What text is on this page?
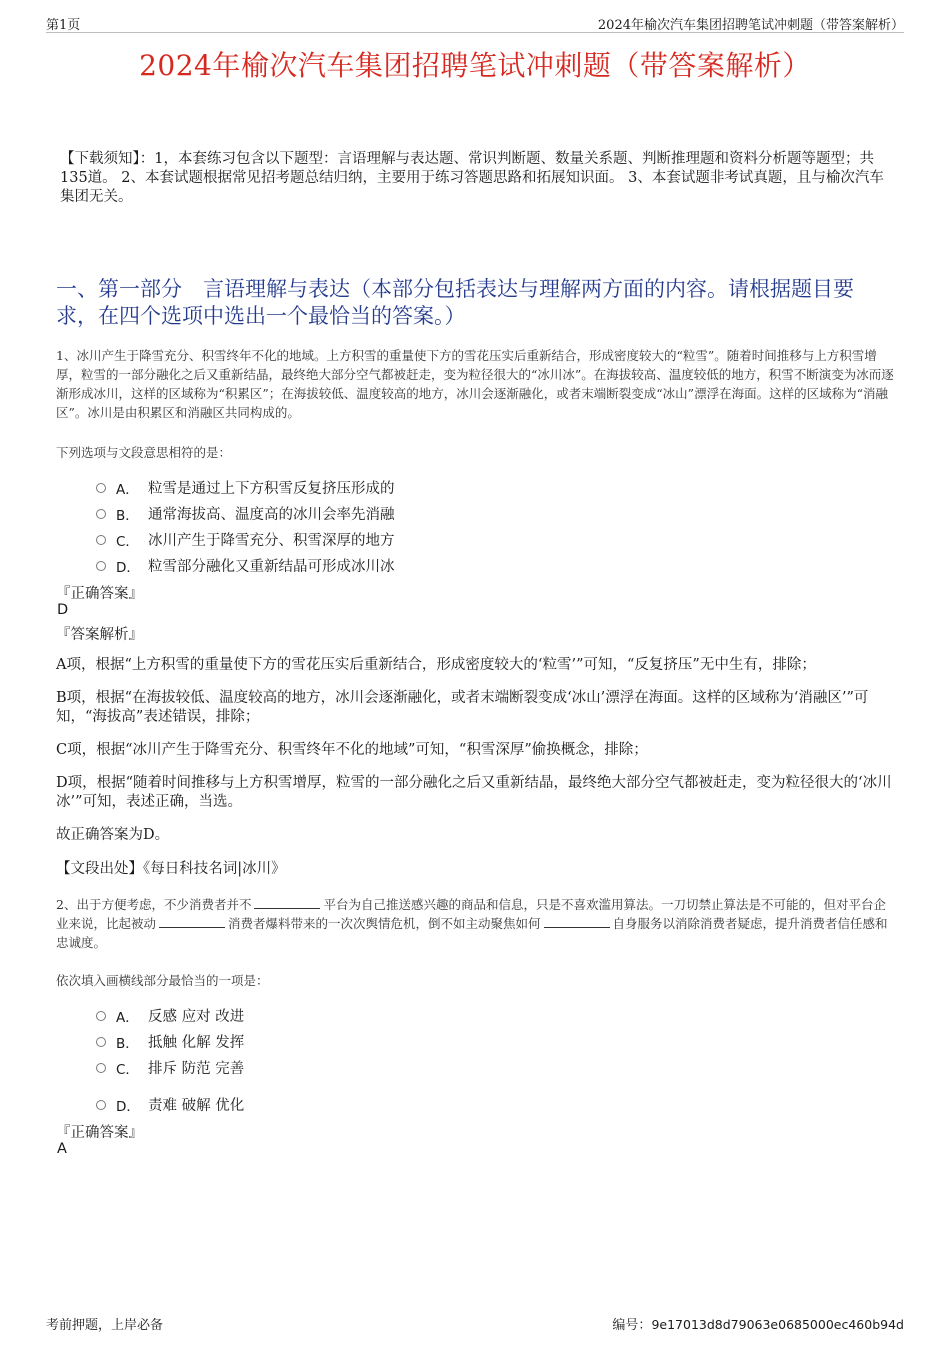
第1页	2024年榆次汽车集团招聘笔试冲刺题（带答案解析）
2024年榆次汽车集团招聘笔试冲刺题（带答案解析）

【下载须知】：1，本套练习包含以下题型：言语理解与表达题、常识判断题、数量关系题、判断推理题和资料分析题等题型；共135道。 2、本套试题根据常见招考题总结归纳，主要用于练习答题思路和拓展知识面。 3、本套试题非考试真题，且与榆次汽车集团无关。

一、第一部分　言语理解与表达（本部分包括表达与理解两方面的内容。请根据题目要求，在四个选项中选出一个最恰当的答案。）

1、冰川产生于降雪充分、积雪终年不化的地域。上方积雪的重量使下方的雪花压实后重新结合，形成密度较大的“粒雪”。随着时间推移与上方积雪增厚，粒雪的一部分融化之后又重新结晶，最终绝大部分空气都被赶走，变为粒径很大的“冰川冰”。在海拔较高、温度较低的地方，积雪不断演变为冰而逐渐形成冰川，这样的区域称为“积累区”；在海拔较低、温度较高的地方，冰川会逐渐融化，或者末端断裂变成“冰山”漂浮在海面。这样的区域称为“消融区”。冰川是由积累区和消融区共同构成的。

下列选项与文段意思相符的是：

A． 粒雪是通过上下方积雪反复挤压形成的
B． 通常海拔高、温度高的冰川会率先消融
C． 冰川产生于降雪充分、积雪深厚的地方
D． 粒雪部分融化又重新结晶可形成冰川冰

『正确答案』

D

『答案解析』

A项，根据“上方积雪的重量使下方的雪花压实后重新结合，形成密度较大的‘粒雪’”可知，“反复挤压”无中生有，排除；

B项，根据“在海拔较低、温度较高的地方，冰川会逐渐融化，或者末端断裂变成‘冰山’漂浮在海面。这样的区域称为‘消融区’”可知，“海拔高”表述错误，排除；

C项，根据“冰川产生于降雪充分、积雪终年不化的地域”可知，“积雪深厚”偷换概念，排除；

D项，根据“随着时间推移与上方积雪增厚，粒雪的一部分融化之后又重新结晶，最终绝大部分空气都被赶走，变为粒径很大的‘冰川冰’”可知，表述正确，当选。

故正确答案为D。

【文段出处】《每日科技名词|冰川》

2、出于方便考虑，不少消费者并不	平台为自己推送感兴趣的商品和信息，只是不喜欢滥用算法。一刀切禁止算法是不可能的，但对平台企业来说，比起被动	消费者爆料带来的一次次舆情危机，倒不如主动聚焦如何	自身服务以消除消费者疑虑，提升消费者信任感和忠诚度。

依次填入画横线部分最恰当的一项是：

A． 反感 应对 改进
B． 抵触 化解 发挥
C． 排斥 防范 完善
D． 责难 破解 优化

『正确答案』

A

考前押题，上岸必备	编号：9e17013d8d79063e0685000ec460b94d
